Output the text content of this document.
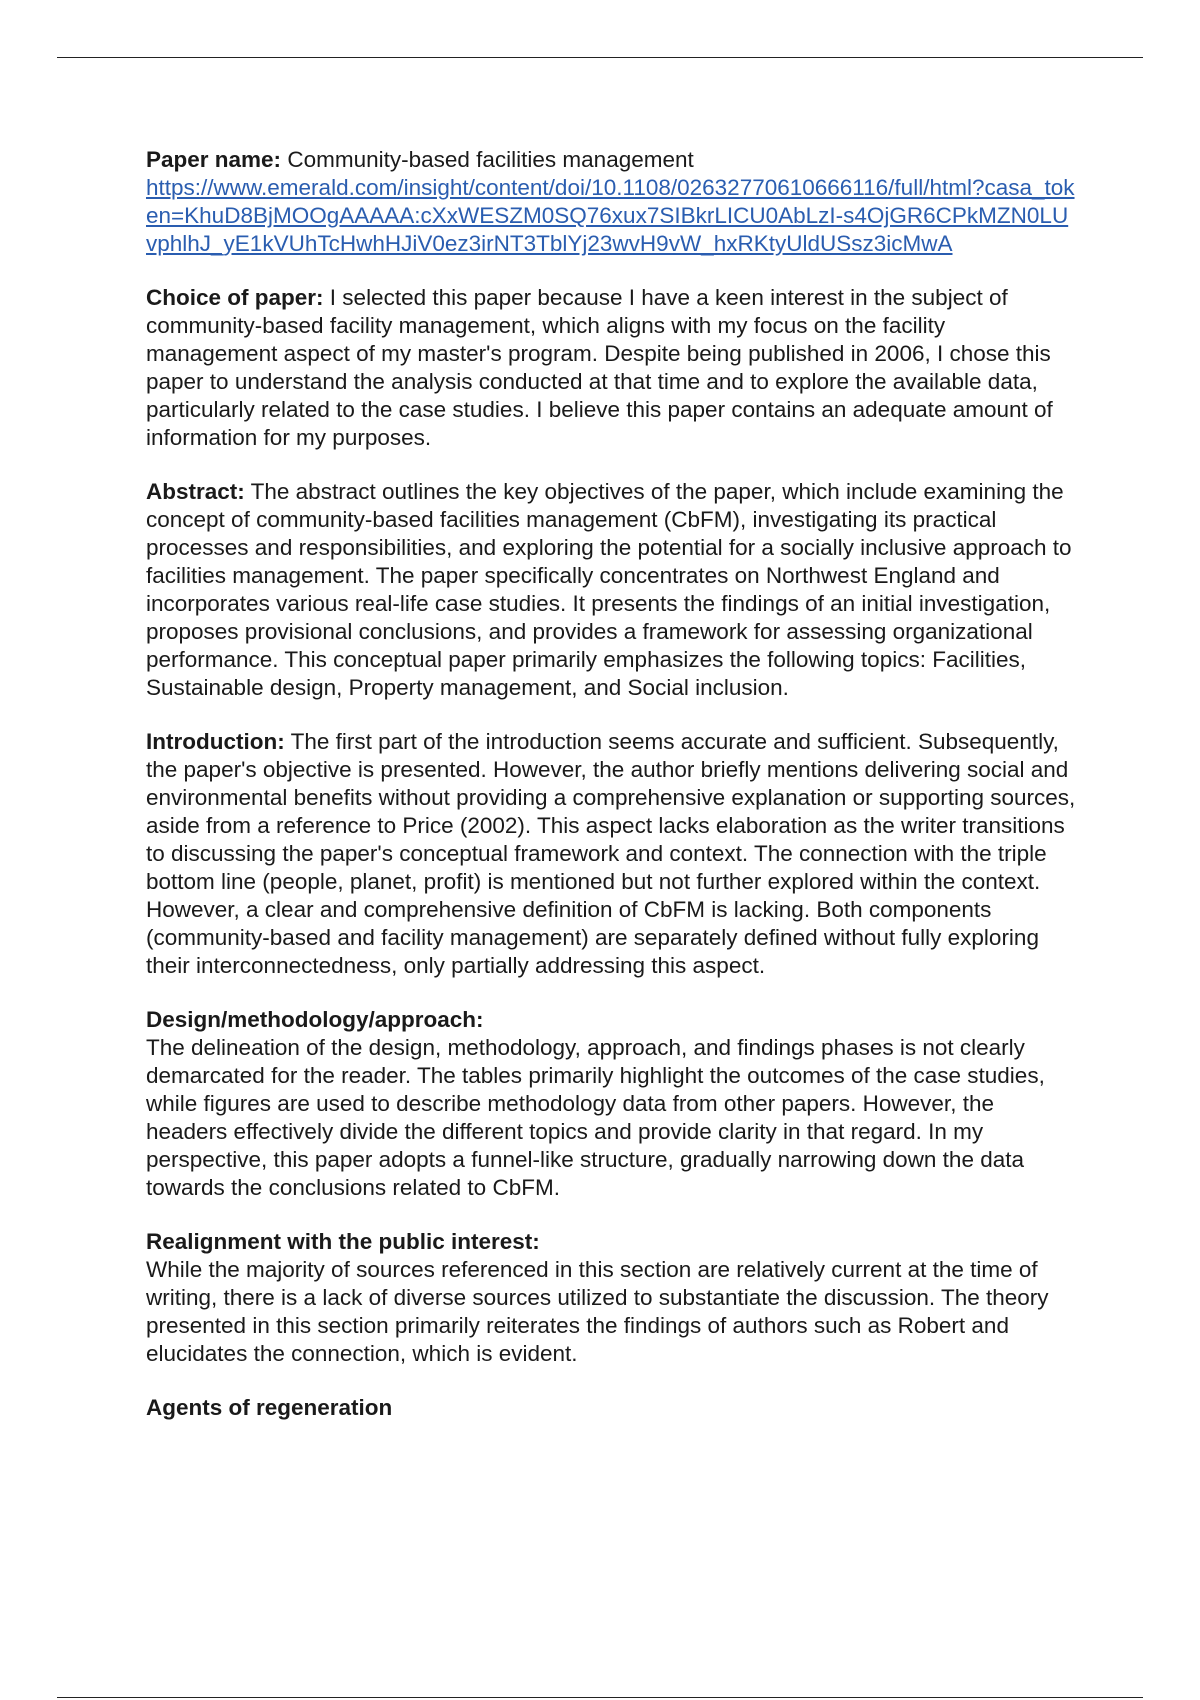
Paper name: Community-based facilities management

https://www.emerald.com/insight/content/doi/10.1108/02632770610666116/full/html?casa_token=KhuD8BjMOOgAAAAA:cXxWESZM0SQ76xux7SIBkrLICU0AbLzI-s4OjGR6CPkMZN0LUvphlhJ_yE1kVUhTcHwhHJiV0ez3irNT3TblYj23wvH9vW_hxRKtyUldUSsz3icMwA

Choice of paper: I selected this paper because I have a keen interest in the subject of community-based facility management, which aligns with my focus on the facility management aspect of my master's program. Despite being published in 2006, I chose this paper to understand the analysis conducted at that time and to explore the available data, particularly related to the case studies. I believe this paper contains an adequate amount of information for my purposes.

Abstract: The abstract outlines the key objectives of the paper, which include examining the concept of community-based facilities management (CbFM), investigating its practical processes and responsibilities, and exploring the potential for a socially inclusive approach to facilities management. The paper specifically concentrates on Northwest England and incorporates various real-life case studies. It presents the findings of an initial investigation, proposes provisional conclusions, and provides a framework for assessing organizational performance. This conceptual paper primarily emphasizes the following topics: Facilities, Sustainable design, Property management, and Social inclusion.

Introduction: The first part of the introduction seems accurate and sufficient. Subsequently, the paper's objective is presented. However, the author briefly mentions delivering social and environmental benefits without providing a comprehensive explanation or supporting sources, aside from a reference to Price (2002). This aspect lacks elaboration as the writer transitions to discussing the paper's conceptual framework and context. The connection with the triple bottom line (people, planet, profit) is mentioned but not further explored within the context. However, a clear and comprehensive definition of CbFM is lacking. Both components (community-based and facility management) are separately defined without fully exploring their interconnectedness, only partially addressing this aspect.

Design/methodology/approach:

The delineation of the design, methodology, approach, and findings phases is not clearly demarcated for the reader. The tables primarily highlight the outcomes of the case studies, while figures are used to describe methodology data from other papers. However, the headers effectively divide the different topics and provide clarity in that regard. In my perspective, this paper adopts a funnel-like structure, gradually narrowing down the data towards the conclusions related to CbFM.

Realignment with the public interest:

While the majority of sources referenced in this section are relatively current at the time of writing, there is a lack of diverse sources utilized to substantiate the discussion. The theory presented in this section primarily reiterates the findings of authors such as Robert and elucidates the connection, which is evident.

Agents of regeneration
